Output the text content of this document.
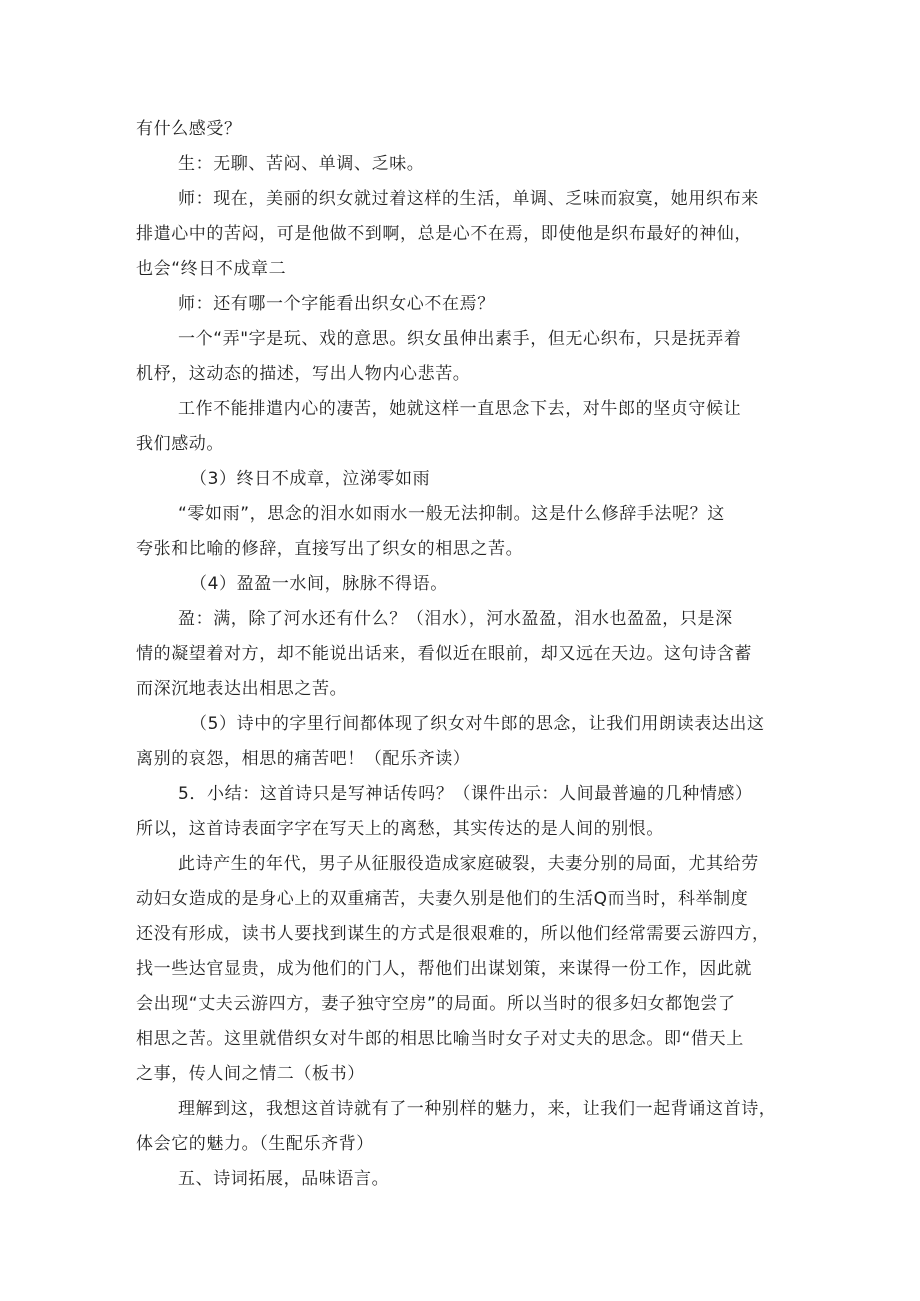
有什么感受？
生：无聊、苦闷、单调、乏味。
师：现在，美丽的织女就过着这样的生活，单调、乏味而寂寞，她用织布来
排遣心中的苦闷，可是他做不到啊，总是心不在焉，即使他是织布最好的神仙，
也会“终日不成章二
师：还有哪一个字能看出织女心不在焉？
一个“弄"字是玩、戏的意思。织女虽伸出素手，但无心织布，只是抚弄着
机杼，这动态的描述，写出人物内心悲苦。
工作不能排遣内心的凄苦，她就这样一直思念下去，对牛郎的坚贞守候让
我们感动。
（3）终日不成章，泣涕零如雨
“零如雨”，思念的泪水如雨水一般无法抑制。这是什么修辞手法呢？这
夸张和比喻的修辞，直接写出了织女的相思之苦。
（4）盈盈一水间，脉脉不得语。
盈：满，除了河水还有什么？（泪水），河水盈盈，泪水也盈盈，只是深
情的凝望着对方，却不能说出话来，看似近在眼前，却又远在天边。这句诗含蓄
而深沉地表达出相思之苦。
（5）诗中的字里行间都体现了织女对牛郎的思念，让我们用朗读表达出这
离别的哀怨，相思的痛苦吧！（配乐齐读）
5．小结：这首诗只是写神话传吗？（课件出示：人间最普遍的几种情感）
所以，这首诗表面字字在写天上的离愁，其实传达的是人间的别恨。
此诗产生的年代，男子从征服役造成家庭破裂，夫妻分别的局面，尤其给劳
动妇女造成的是身心上的双重痛苦，夫妻久别是他们的生活Q而当时，科举制度
还没有形成，读书人要找到谋生的方式是很艰难的，所以他们经常需要云游四方，
找一些达官显贵，成为他们的门人，帮他们出谋划策，来谋得一份工作，因此就
会出现“丈夫云游四方，妻子独守空房”的局面。所以当时的很多妇女都饱尝了
相思之苦。这里就借织女对牛郎的相思比喻当时女子对丈夫的思念。即“借天上
之事，传人间之情二（板书）
理解到这，我想这首诗就有了一种别样的魅力，来，让我们一起背诵这首诗，
体会它的魅力。（生配乐齐背）
五、诗词拓展，品味语言。
